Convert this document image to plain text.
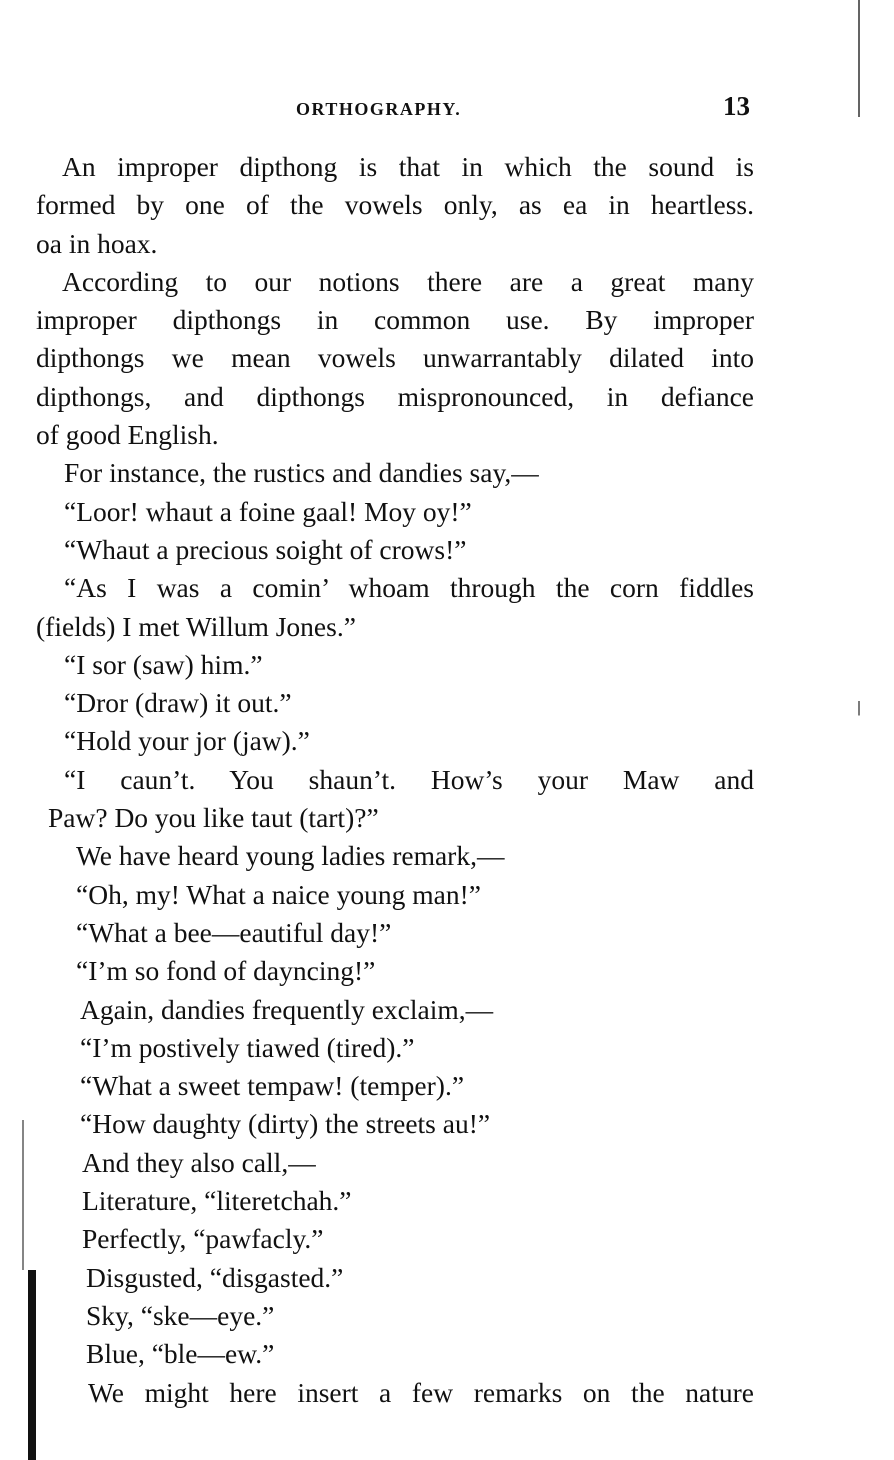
ORTHOGRAPHY.	13
An improper dipthong is that in which the sound is
formed by one of the vowels only, as ea in heartless.
oa in hoax.
According to our notions there are a great many
improper dipthongs in common use. By improper
dipthongs we mean vowels unwarrantably dilated into
dipthongs, and dipthongs mispronounced, in defiance
of good English.
For instance, the rustics and dandies say,—
“Loor! whaut a foine gaal! Moy oy!”
“Whaut a precious soight of crows!”
“As I was a comin’ whoam through the corn fiddles
(fields) I met Willum Jones.”
“I sor (saw) him.”
“Dror (draw) it out.”
“Hold your jor (jaw).”
“I caun’t. You shaun’t. How’s your Maw and
Paw? Do you like taut (tart)?”
We have heard young ladies remark,—
“Oh, my! What a naice young man!”
“What a bee—eautiful day!”
“I’m so fond of dayncing!”
Again, dandies frequently exclaim,—
“I’m postively tiawed (tired).”
“What a sweet tempaw! (temper).”
“How daughty (dirty) the streets au!”
And they also call,—
Literature, “literetchah.”
Perfectly, “pawfacly.”
Disgusted, “disgasted.”
Sky, “ske—eye.”
Blue, “ble—ew.”
We might here insert a few remarks on the nature
